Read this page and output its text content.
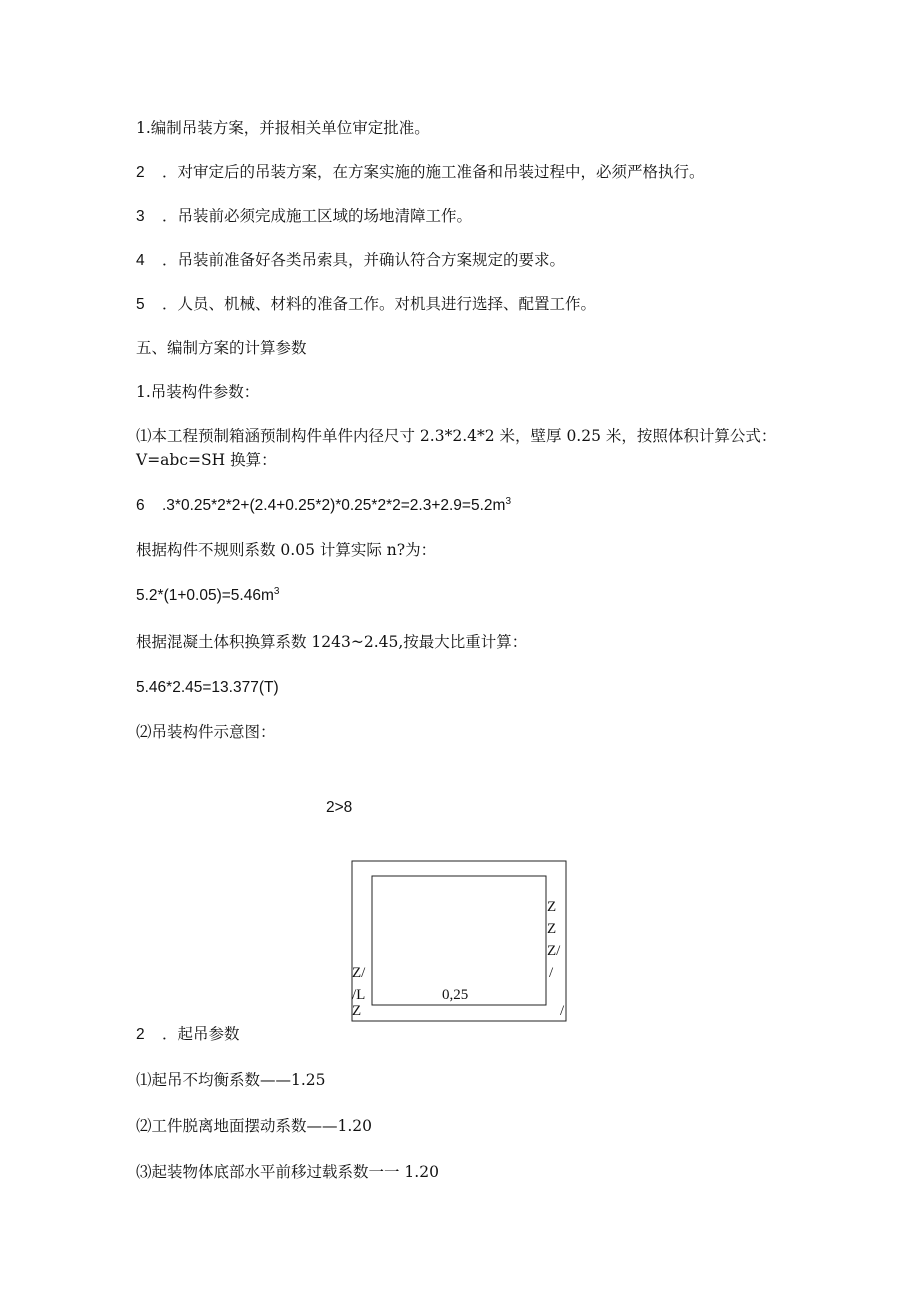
1.编制吊装方案，并报相关单位审定批准。
2 ．对审定后的吊装方案，在方案实施的施工准备和吊装过程中，必须严格执行。
3 ．吊装前必须完成施工区域的场地清障工作。
4 ．吊装前准备好各类吊索具，并确认符合方案规定的要求。
5 ．人员、机械、材料的准备工作。对机具进行选择、配置工作。
五、编制方案的计算参数
1.吊装构件参数：
⑴本工程预制箱涵预制构件单件内径尺寸 2.3*2.4*2 米，壁厚 0.25 米，按照体积计算公式：V=abc=SH 换算：
6 $.3*0.25*2*2+(2.4+0.25*2)*0.25*2*2=2.3+2.9=5.2m^3$
根据构件不规则系数 0.05 计算实际 n?为：
$5.2*(1+0.05)=5.46m^3$
根据混凝土体积换算系数 1243~2.45,按最大比重计算：
5.46*2.45=13.377(T)
⑵吊装构件示意图：
2>8
Z
Z
Z/
/
Z/
/L
Z
0,25
/
2 ．起吊参数
⑴起吊不均衡系数——1.25
⑵工件脱离地面摆动系数——1.20
⑶起装物体底部水平前移过载系数一一 1.20
